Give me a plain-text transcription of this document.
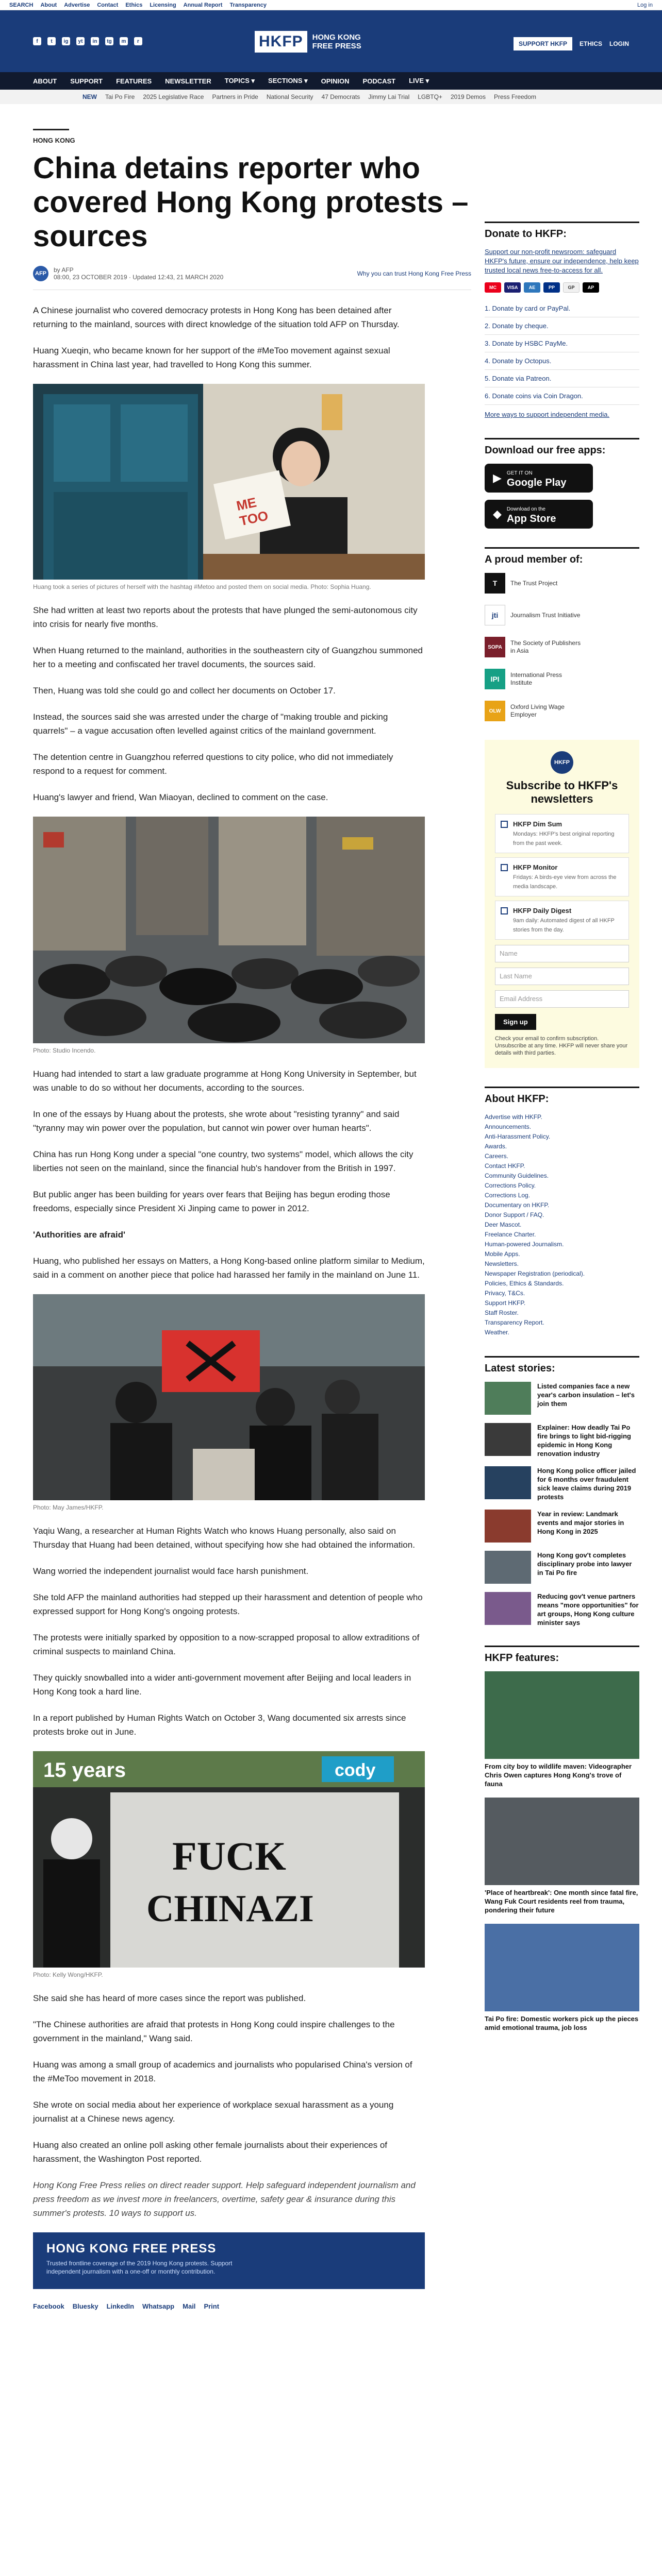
SEARCH About Advertise Contact Ethics Licensing Annual Report Transparency	Log in
f	t	ig	yt	in	tg	m	r	HKFP	HONG KONG
FREE PRESS	SUPPORT HKFP	ETHICS LOGIN
ABOUT SUPPORT FEATURES NEWSLETTER TOPICS ▾ SECTIONS ▾ OPINION PODCAST LIVE ▾
NEW Tai Po Fire 2025 Legislative Race Partners in Pride National Security 47 Democrats Jimmy Lai Trial LGBTQ+ 2019 Demos Press Freedom
HONG KONG
China detains reporter who covered Hong Kong protests – sources
AFP	by AFP
08:00, 23 OCTOBER 2019 · Updated 12:43, 21 MARCH 2020	Why you can trust Hong Kong Free Press

A Chinese journalist who covered democracy protests in Hong Kong has been detained after returning to the mainland, sources with direct knowledge of the situation told AFP on Thursday.

Huang Xueqin, who became known for her support of the #MeToo movement against sexual harassment in China last year, had travelled to Hong Kong this summer.

ME
TOO
Huang took a series of pictures of herself with the hashtag #Metoo and posted them on social media. Photo: Sophia Huang.

She had written at least two reports about the protests that have plunged the semi-autonomous city into crisis for nearly five months.

When Huang returned to the mainland, authorities in the southeastern city of Guangzhou summoned her to a meeting and confiscated her travel documents, the sources said.

Then, Huang was told she could go and collect her documents on October 17.

Instead, the sources said she was arrested under the charge of "making trouble and picking quarrels" – a vague accusation often levelled against critics of the mainland government.

The detention centre in Guangzhou referred questions to city police, who did not immediately respond to a request for comment.

Huang's lawyer and friend, Wan Miaoyan, declined to comment on the case.

Photo: Studio Incendo.

Huang had intended to start a law graduate programme at Hong Kong University in September, but was unable to do so without her documents, according to the sources.

In one of the essays by Huang about the protests, she wrote about "resisting tyranny" and said "tyranny may win power over the population, but cannot win power over human hearts".

China has run Hong Kong under a special "one country, two systems" model, which allows the city liberties not seen on the mainland, since the financial hub's handover from the British in 1997.

But public anger has been building for years over fears that Beijing has begun eroding those freedoms, especially since President Xi Jinping came to power in 2012.

'Authorities are afraid'

Huang, who published her essays on Matters, a Hong Kong-based online platform similar to Medium, said in a comment on another piece that police had harassed her family in the mainland on June 11.

Photo: May James/HKFP.

Yaqiu Wang, a researcher at Human Rights Watch who knows Huang personally, also said on Thursday that Huang had been detained, without specifying how she had obtained the information.

Wang worried the independent journalist would face harsh punishment.

She told AFP the mainland authorities had stepped up their harassment and detention of people who expressed support for Hong Kong's ongoing protests.

The protests were initially sparked by opposition to a now-scrapped proposal to allow extraditions of criminal suspects to mainland China.

They quickly snowballed into a wider anti-government movement after Beijing and local leaders in Hong Kong took a hard line.

In a report published by Human Rights Watch on October 3, Wang documented six arrests since protests broke out in June.

15 years	cody
FUCK
CHINAZI
Photo: Kelly Wong/HKFP.

She said she has heard of more cases since the report was published.

"The Chinese authorities are afraid that protests in Hong Kong could inspire challenges to the government in the mainland," Wang said.

Huang was among a small group of academics and journalists who popularised China's version of the #MeToo movement in 2018.

She wrote on social media about her experience of workplace sexual harassment as a young journalist at a Chinese news agency.

Huang also created an online poll asking other female journalists about their experiences of harassment, the Washington Post reported.

Hong Kong Free Press relies on direct reader support. Help safeguard independent journalism and press freedom as we invest more in freelancers, overtime, safety gear & insurance during this summer's protests. 10 ways to support us.

HONG KONG FREE PRESS
Trusted frontline coverage of the 2019 Hong Kong protests. Support independent journalism with a one-off or monthly contribution.
Facebook Bluesky LinkedIn Whatsapp Mail Print
Donate to HKFP:
Support our non-profit newsroom: safeguard HKFP's future, ensure our independence, help keep trusted local news free-to-access for all.
MC	VISA	AE	PP	GP	AP
1. Donate by card or PayPal.
2. Donate by cheque.
3. Donate by HSBC PayMe.
4. Donate by Octopus.
5. Donate via Patreon.
6. Donate coins via Coin Dragon.
More ways to support independent media.
Download our free apps:
▶ GET IT ON
Google Play
◆ Download on the
App Store
A proud member of:
T	The Trust Project
jti	Journalism Trust Initiative
SOPA
The Society of Publishers in Asia
IPI	International Press Institute
OLW
Oxford Living Wage Employer
HKFP
Subscribe to HKFP's newsletters
HKFP Dim Sum
Mondays: HKFP's best original reporting from the past week.
HKFP Monitor
Fridays: A birds-eye view from across the media landscape.
HKFP Daily Digest
9am daily: Automated digest of all HKFP stories from the day.
Name
Last Name
Email Address
Sign up
Check your email to confirm subscription. Unsubscribe at any time. HKFP will never share your details with third parties.
About HKFP:
Advertise with HKFP.
Announcements.
Anti-Harassment Policy.
Awards.
Careers.
Contact HKFP.
Community Guidelines.
Corrections Policy.
Corrections Log.
Documentary on HKFP.
Donor Support / FAQ.
Deer Mascot.
Freelance Charter.
Human-powered Journalism.
Mobile Apps.
Newsletters.
Newspaper Registration (periodical).
Policies, Ethics & Standards.
Privacy, T&Cs.
Support HKFP.
Staff Roster.
Transparency Report.
Weather.
Latest stories:
Listed companies face a new year's carbon insulation – let's join them
Explainer: How deadly Tai Po fire brings to light bid-rigging epidemic in Hong Kong renovation industry
Hong Kong police officer jailed for 6 months over fraudulent sick leave claims during 2019 protests
Year in review: Landmark events and major stories in Hong Kong in 2025
Hong Kong gov't completes disciplinary probe into lawyer in Tai Po fire
Reducing gov't venue partners means "more opportunities" for art groups, Hong Kong culture minister says
HKFP features:
From city boy to wildlife maven: Videographer Chris Owen captures Hong Kong's trove of fauna
'Place of heartbreak': One month since fatal fire, Wang Fuk Court residents reel from trauma, pondering their future
Tai Po fire: Domestic workers pick up the pieces amid emotional trauma, job loss
